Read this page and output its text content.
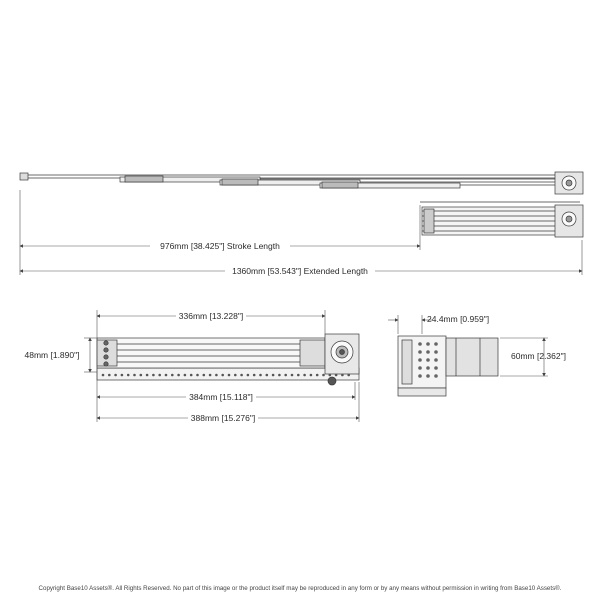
976mm [38.425"] Stroke Length
1360mm [53.543"] Extended Length
336mm [13.228"]
384mm [15.118"]
388mm [15.276"]
48mm [1.890"]
24.4mm [0.959"]
60mm [2.362"]
Copyright Base10 Assets®. All Rights Reserved. No part of this image or the product itself may be reproduced in any form or by any means without permission in writing from Base10 Assets®.
